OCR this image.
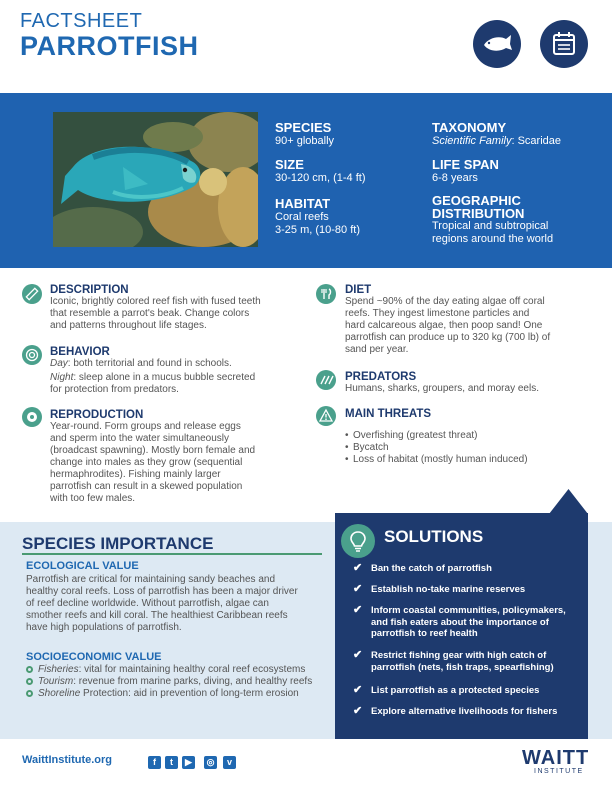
FACTSHEET
PARROTFISH
SPECIES
90+ globally
SIZE
30-120 cm, (1-4 ft)
HABITAT
Coral reefs
3-25 m, (10-80 ft)
TAXONOMY
Scientific Family: Scaridae
LIFE SPAN
6-8 years
GEOGRAPHIC
DISTRIBUTION
Tropical and subtropical
regions around the world
DESCRIPTION
Iconic, brightly colored reef fish with fused teeth
that resemble a parrot's beak. Change colors
and patterns throughout life stages.
BEHAVIOR
Day: both territorial and found in schools.
Night: sleep alone in a mucus bubble secreted
for protection from predators.
REPRODUCTION
Year-round. Form groups and release eggs
and sperm into the water simultaneously
(broadcast spawning). Mostly born female and
change into males as they grow (sequential
hermaphrodites). Fishing mainly larger
parrotfish can result in a skewed population
with too few males.
DIET
Spend ~90% of the day eating algae off coral
reefs. They ingest limestone particles and
hard calcareous algae, then poop sand! One
parrotfish can produce up to 320 kg (700 lb) of
sand per year.
PREDATORS
Humans, sharks, groupers, and moray eels.
MAIN THREATS
• Overfishing (greatest threat)
• Bycatch
• Loss of habitat (mostly human induced)
SPECIES IMPORTANCE
ECOLOGICAL VALUE
Parrotfish are critical for maintaining sandy beaches and
healthy coral reefs. Loss of parrotfish has been a major driver
of reef decline worldwide. Without parrotfish, algae can
smother reefs and kill coral. The healthiest Caribbean reefs
have high populations of parrotfish.
SOCIOECONOMIC VALUE
Fisheries: vital for maintaining healthy coral reef ecosystems
Tourism: revenue from marine parks, diving, and healthy reefs
Shoreline Protection: aid in prevention of long-term erosion
SOLUTIONS
✔ Ban the catch of parrotfish
✔ Establish no-take marine reserves
✔ Inform coastal communities, policymakers,
and fish eaters about the importance of
parrotfish to reef health
✔ Restrict fishing gear with high catch of
parrotfish (nets, fish traps, spearfishing)
✔ List parrotfish as a protected species
✔ Explore alternative livelihoods for fishers
WaittInstitute.org	f	t	▶	◎	v	WAITT
INSTITUTE
